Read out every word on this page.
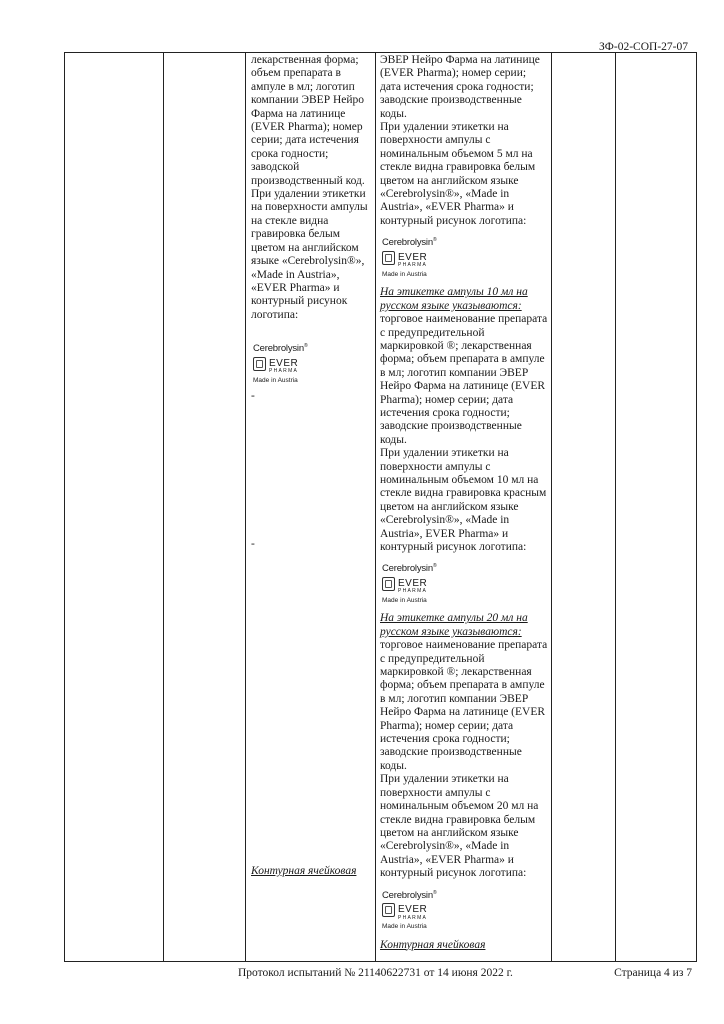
ЗФ-02-СОП-27-07

лекарственная форма; объем препарата в ампуле в мл; логотип компании ЭВЕР Нейро Фарма на латинице (EVER Pharma); номер серии; дата истечения срока годности; заводской производственный код.
При удалении этикетки на поверхности ампулы на стекле видна гравировка белым цветом на английском языке «Cerebrolysin®», «Made in Austria», «EVER Pharma» и контурный рисунок логотипа:
Cerebrolysin®
EVER
PHARMA
Made in Austria
-
-
Контурная ячейковая

ЭВЕР Нейро Фарма на латинице (EVER Pharma); номер серии; дата истечения срока годности; заводские производственные коды.
При удалении этикетки на поверхности ампулы с номинальным объемом 5 мл на стекле видна гравировка белым цветом на английском языке «Cerebrolysin®», «Made in Austria», «EVER Pharma» и контурный рисунок логотипа:
Cerebrolysin®
EVER
PHARMA
Made in Austria
На этикетке ампулы 10 мл на русском языке указываются:
торговое наименование препарата с предупредительной маркировкой ®; лекарственная форма; объем препарата в ампуле в мл; логотип компании ЭВЕР Нейро Фарма на латинице (EVER Pharma); номер серии; дата истечения срока годности; заводские производственные коды.
При удалении этикетки на поверхности ампулы с номинальным объемом 10 мл на стекле видна гравировка красным цветом на английском языке «Cerebrolysin®», «Made in Austria», EVER Pharma» и контурный рисунок логотипа:
Cerebrolysin®
EVER
PHARMA
Made in Austria
На этикетке ампулы 20 мл на русском языке указываются:
торговое наименование препарата с предупредительной маркировкой ®; лекарственная форма; объем препарата в ампуле в мл; логотип компании ЭВЕР Нейро Фарма на латинице (EVER Pharma); номер серии; дата истечения срока годности; заводские производственные коды.
При удалении этикетки на поверхности ампулы с номинальным объемом 20 мл на стекле видна гравировка белым цветом на английском языке «Cerebrolysin®», «Made in Austria», «EVER Pharma» и контурный рисунок логотипа:
Cerebrolysin®
EVER
PHARMA
Made in Austria
Контурная ячейковая

Протокол испытаний № 21140622731 от 14 июня 2022 г.	Страница 4 из 7
